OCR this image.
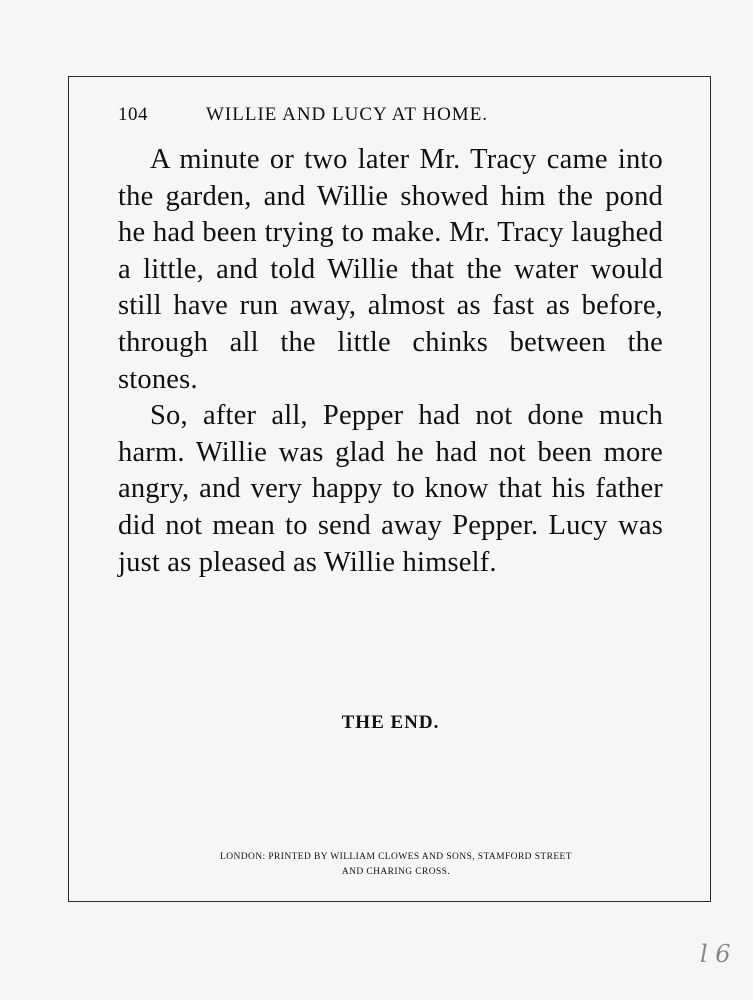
104	WILLIE AND LUCY AT HOME.

A minute or two later Mr. Tracy came into the garden, and Willie showed him the pond he had been trying to make. Mr. Tracy laughed a little, and told Willie that the water would still have run away, almost as fast as before, through all the little chinks between the stones.

So, after all, Pepper had not done much harm. Willie was glad he had not been more angry, and very happy to know that his father did not mean to send away Pepper. Lucy was just as pleased as Willie himself.

THE END.
LONDON: PRINTED BY WILLIAM CLOWES AND SONS, STAMFORD STREET
AND CHARING CROSS.
l 6
